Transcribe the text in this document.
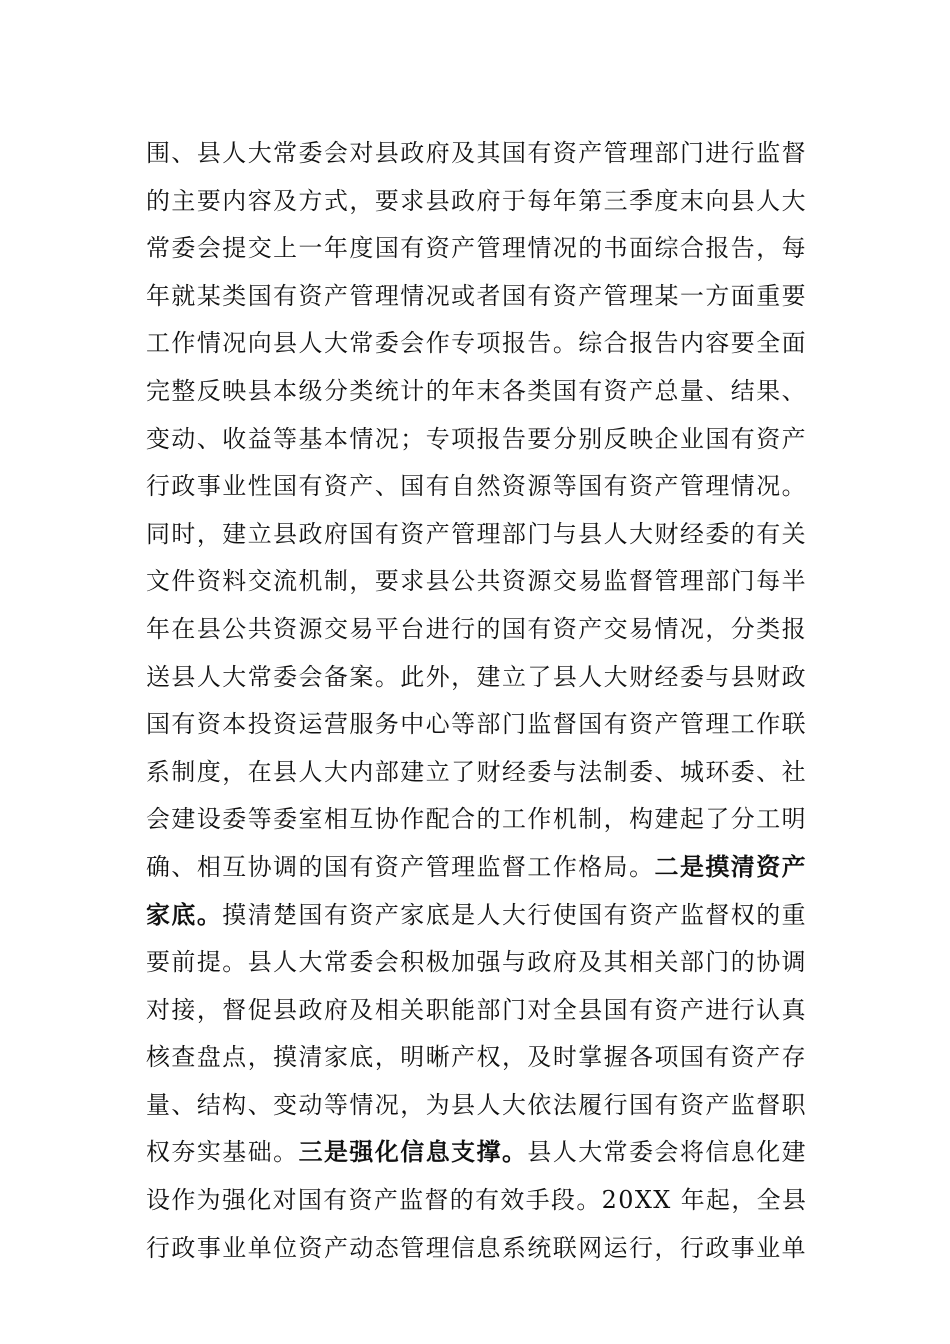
围、县人大常委会对县政府及其国有资产管理部门进行监督
的主要内容及方式，要求县政府于每年第三季度末向县人大
常委会提交上一年度国有资产管理情况的书面综合报告，每
年就某类国有资产管理情况或者国有资产管理某一方面重要
工作情况向县人大常委会作专项报告。综合报告内容要全面
完整反映县本级分类统计的年末各类国有资产总量、结果、
变动、收益等基本情况；专项报告要分别反映企业国有资产
行政事业性国有资产、国有自然资源等国有资产管理情况。
同时，建立县政府国有资产管理部门与县人大财经委的有关
文件资料交流机制，要求县公共资源交易监督管理部门每半
年在县公共资源交易平台进行的国有资产交易情况，分类报
送县人大常委会备案。此外，建立了县人大财经委与县财政
国有资本投资运营服务中心等部门监督国有资产管理工作联
系制度，在县人大内部建立了财经委与法制委、城环委、社
会建设委等委室相互协作配合的工作机制，构建起了分工明
确、相互协调的国有资产管理监督工作格局。二是摸清资产
家底。摸清楚国有资产家底是人大行使国有资产监督权的重
要前提。县人大常委会积极加强与政府及其相关部门的协调
对接，督促县政府及相关职能部门对全县国有资产进行认真
核查盘点，摸清家底，明晰产权，及时掌握各项国有资产存
量、结构、变动等情况，为县人大依法履行国有资产监督职
权夯实基础。三是强化信息支撑。县人大常委会将信息化建
设作为强化对国有资产监督的有效手段。20XX 年起，全县
行政事业单位资产动态管理信息系统联网运行，行政事业单
